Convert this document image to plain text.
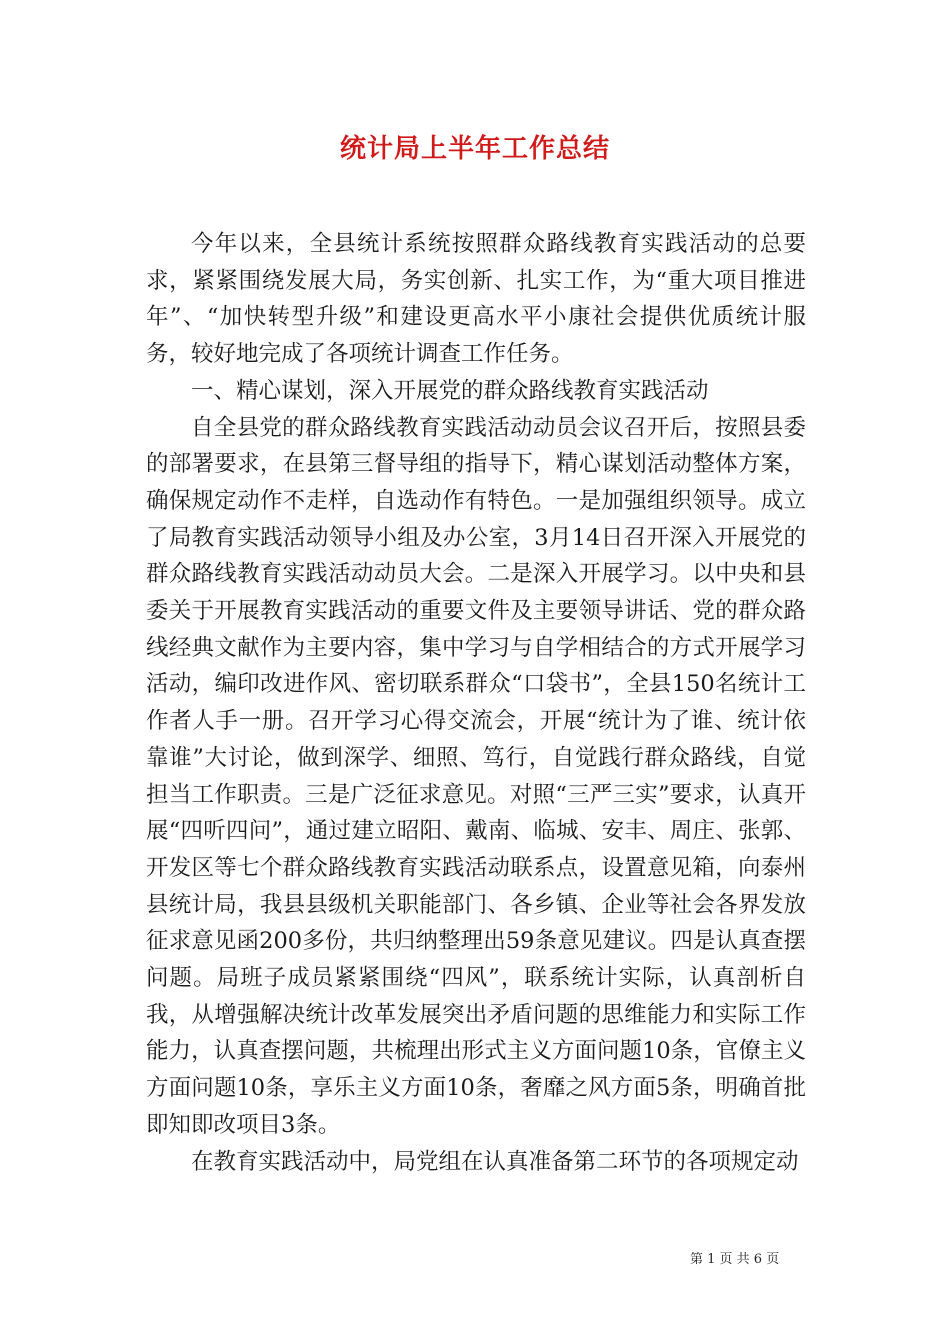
统计局上半年工作总结

今年以来，全县统计系统按照群众路线教育实践活动的总要求，紧紧围绕发展大局，务实创新、扎实工作，为“重大项目推进年”、“加快转型升级”和建设更高水平小康社会提供优质统计服务，较好地完成了各项统计调查工作任务。

一、精心谋划，深入开展党的群众路线教育实践活动

自全县党的群众路线教育实践活动动员会议召开后，按照县委的部署要求，在县第三督导组的指导下，精心谋划活动整体方案，确保规定动作不走样，自选动作有特色。一是加强组织领导。成立了局教育实践活动领导小组及办公室，3月14日召开深入开展党的群众路线教育实践活动动员大会。二是深入开展学习。以中央和县委关于开展教育实践活动的重要文件及主要领导讲话、党的群众路线经典文献作为主要内容，集中学习与自学相结合的方式开展学习活动，编印改进作风、密切联系群众“口袋书”，全县150名统计工作者人手一册。召开学习心得交流会，开展“统计为了谁、统计依靠谁”大讨论，做到深学、细照、笃行，自觉践行群众路线，自觉担当工作职责。三是广泛征求意见。对照“三严三实”要求，认真开展“四听四问”，通过建立昭阳、戴南、临城、安丰、周庄、张郭、开发区等七个群众路线教育实践活动联系点，设置意见箱，向泰州县统计局，我县县级机关职能部门、各乡镇、企业等社会各界发放征求意见函200多份，共归纳整理出59条意见建议。四是认真查摆问题。局班子成员紧紧围绕“四风”，联系统计实际，认真剖析自我，从增强解决统计改革发展突出矛盾问题的思维能力和实际工作能力，认真查摆问题，共梳理出形式主义方面问题10条，官僚主义方面问题10条，享乐主义方面10条，奢靡之风方面5条，明确首批即知即改项目3条。

在教育实践活动中，局党组在认真准备第二环节的各项规定动

第 1 页 共 6 页
